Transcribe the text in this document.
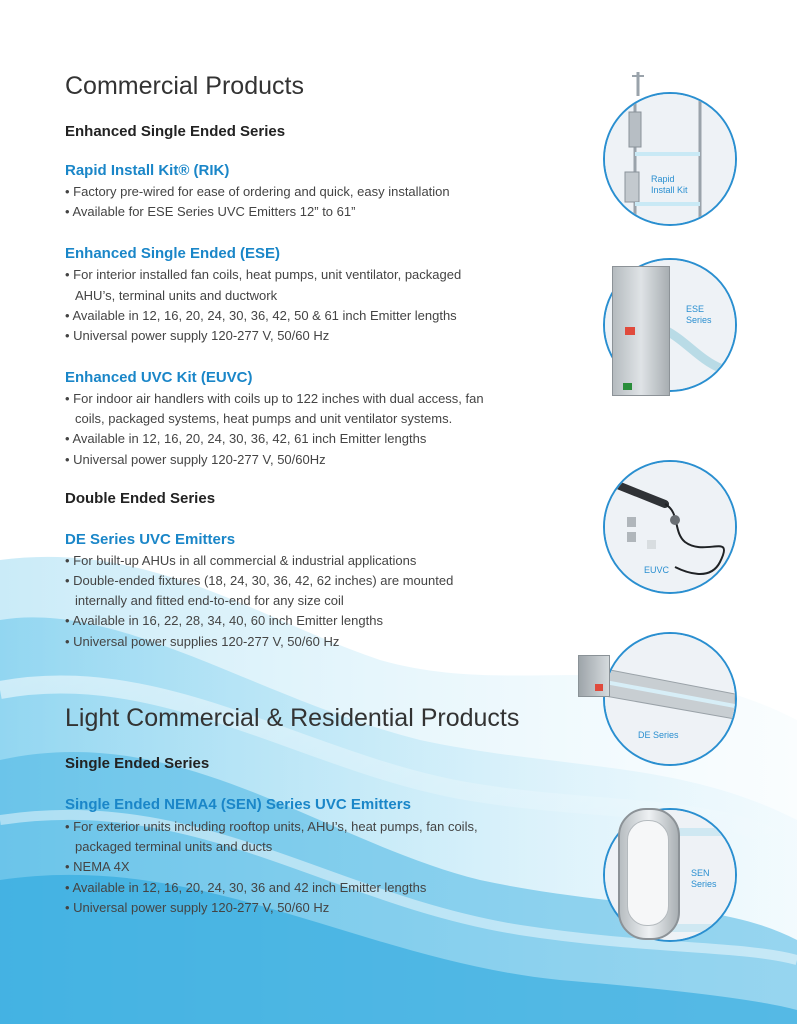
Commercial Products
Enhanced Single Ended Series
Rapid Install Kit® (RIK)
• Factory pre-wired for ease of ordering and quick, easy installation
• Available for ESE Series UVC Emitters 12” to 61”
Enhanced Single Ended (ESE)
• For interior installed fan coils, heat pumps, unit ventilator, packaged
AHU’s, terminal units and ductwork
• Available in 12, 16, 20, 24, 30, 36, 42, 50 & 61 inch Emitter lengths
• Universal power supply 120-277 V, 50/60 Hz
Enhanced UVC Kit (EUVC)
• For indoor air handlers with coils up to 122 inches with dual access, fan
coils, packaged systems, heat pumps and unit ventilator systems.
• Available in 12, 16, 20, 24, 30, 36, 42, 61 inch Emitter lengths
• Universal power supply 120-277 V, 50/60Hz
Double Ended Series
DE Series UVC Emitters
• For built-up AHUs in all commercial & industrial applications
• Double-ended fixtures (18, 24, 30, 36, 42, 62 inches) are mounted
internally and fitted end-to-end for any size coil
• Available in 16, 22, 28, 34, 40, 60 inch Emitter lengths
• Universal power supplies 120-277 V, 50/60 Hz
Light Commercial & Residential Products
Single Ended Series
Single Ended NEMA4 (SEN) Series UVC Emitters
• For exterior units including rooftop units, AHU’s, heat pumps, fan coils,
packaged terminal units and ducts
• NEMA 4X
• Available in 12, 16, 20, 24, 30, 36 and 42 inch Emitter lengths
• Universal power supply 120-277 V, 50/60 Hz
Rapid
Install Kit
ESE
Series
EUVC
DE Series
SEN
Series
